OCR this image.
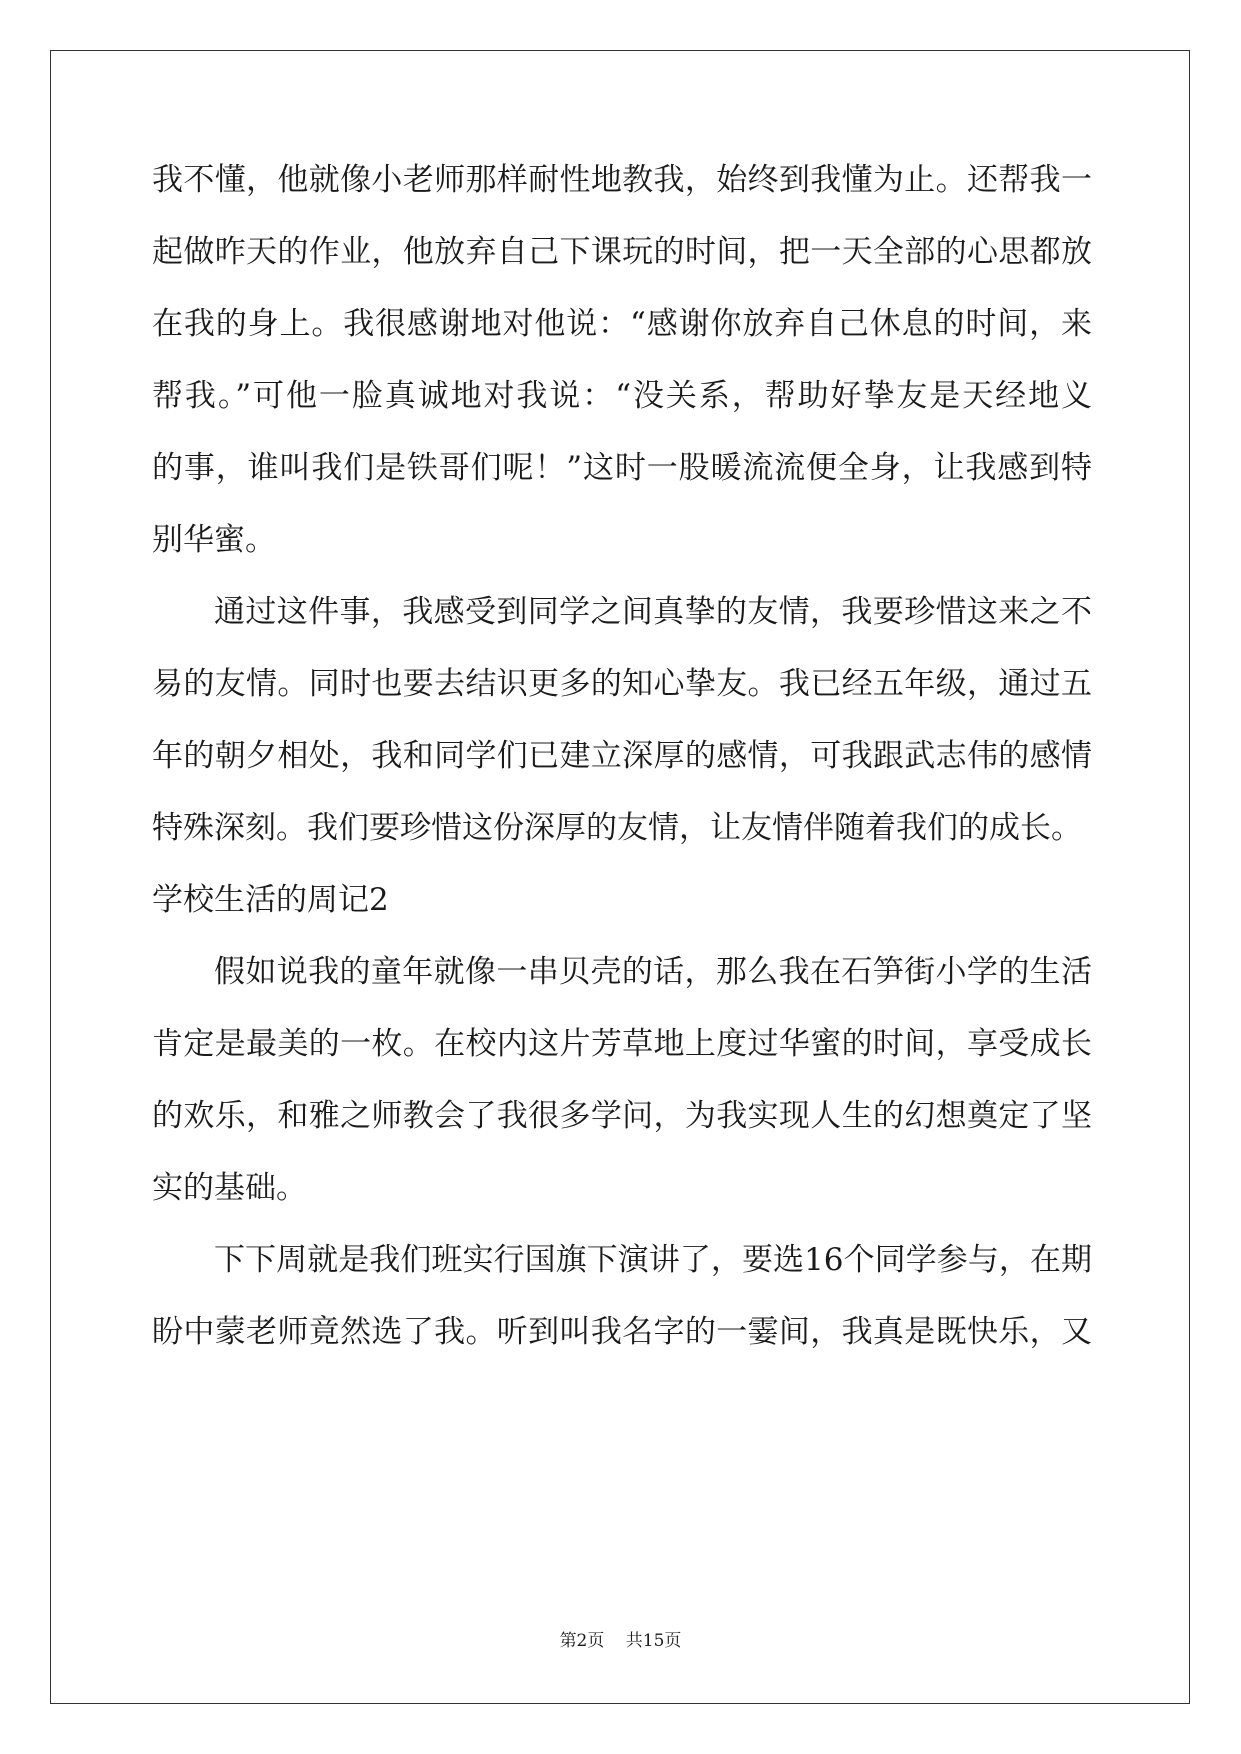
我不懂，他就像小老师那样耐性地教我，始终到我懂为止。还帮我一
起做昨天的作业，他放弃自己下课玩的时间，把一天全部的心思都放
在我的身上。我很感谢地对他说：“感谢你放弃自己休息的时间，来
帮我。”可他一脸真诚地对我说：“没关系，帮助好挚友是天经地义
的事，谁叫我们是铁哥们呢！”这时一股暖流流便全身，让我感到特
别华蜜。
通过这件事，我感受到同学之间真挚的友情，我要珍惜这来之不
易的友情。同时也要去结识更多的知心挚友。我已经五年级，通过五
年的朝夕相处，我和同学们已建立深厚的感情，可我跟武志伟的感情
特殊深刻。我们要珍惜这份深厚的友情，让友情伴随着我们的成长。
学校生活的周记2
假如说我的童年就像一串贝壳的话，那么我在石笋街小学的生活
肯定是最美的一枚。在校内这片芳草地上度过华蜜的时间，享受成长
的欢乐，和雅之师教会了我很多学问，为我实现人生的幻想奠定了坚
实的基础。
下下周就是我们班实行国旗下演讲了，要选16个同学参与，在期
盼中蒙老师竟然选了我。听到叫我名字的一霎间，我真是既快乐，又
第2页 共15页
